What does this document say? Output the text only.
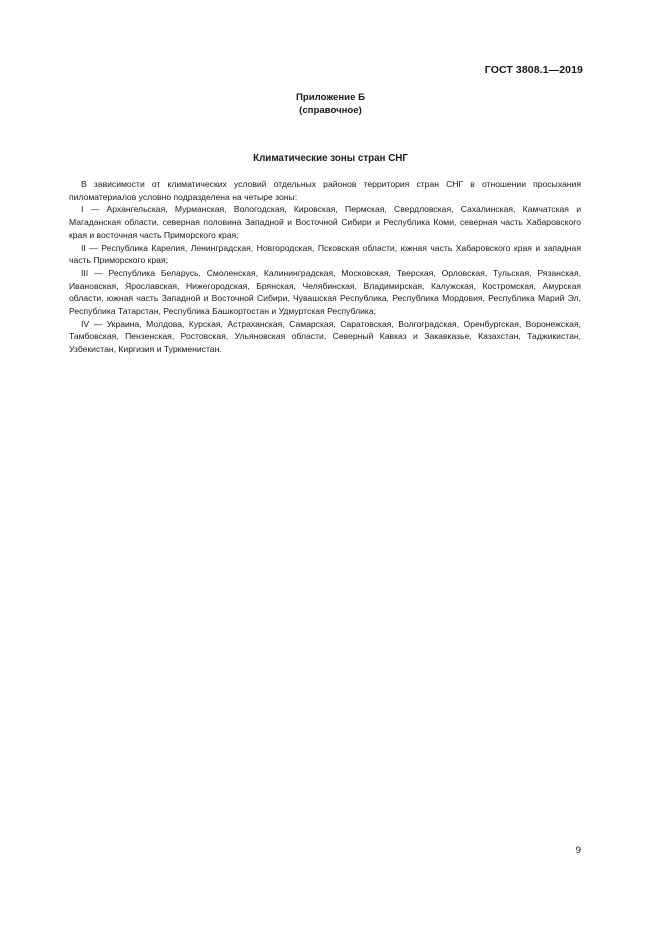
ГОСТ 3808.1—2019
Приложение Б
(справочное)
Климатические зоны стран СНГ

В зависимости от климатических условий отдельных районов территория стран СНГ в отношении просыхания пиломатериалов условно подразделена на четыре зоны:

I — Архангельская, Мурманская, Вологодская, Кировская, Пермская, Свердловская, Сахалинская, Камчатская и Магаданская области, северная половина Западной и Восточной Сибири и Республика Коми, северная часть Хабаровского края и восточная часть Приморского края;

II — Республика Карелия, Ленинградская, Новгородская, Псковская области, южная часть Хабаровского края и западная часть Приморского края;

III — Республика Беларусь, Смоленская, Калининградская, Московская, Тверская, Орловская, Тульская, Рязанская, Ивановская, Ярославская, Нижегородская, Брянская, Челябинская, Владимирская, Калужская, Костромская, Амурская области, южная часть Западной и Восточной Сибири, Чувашская Республика, Республика Мордовия, Республика Марий Эл, Республика Татарстан, Республика Башкортостан и Удмуртская Республика;

IV — Украина, Молдова, Курская, Астраханская, Самарская, Саратовская, Волгоградская, Оренбургская, Воронежская, Тамбовская, Пензенская, Ростовская, Ульяновская области, Северный Кавказ и Закавказье, Казахстан, Таджикистан, Узбекистан, Киргизия и Туркменистан.

9
